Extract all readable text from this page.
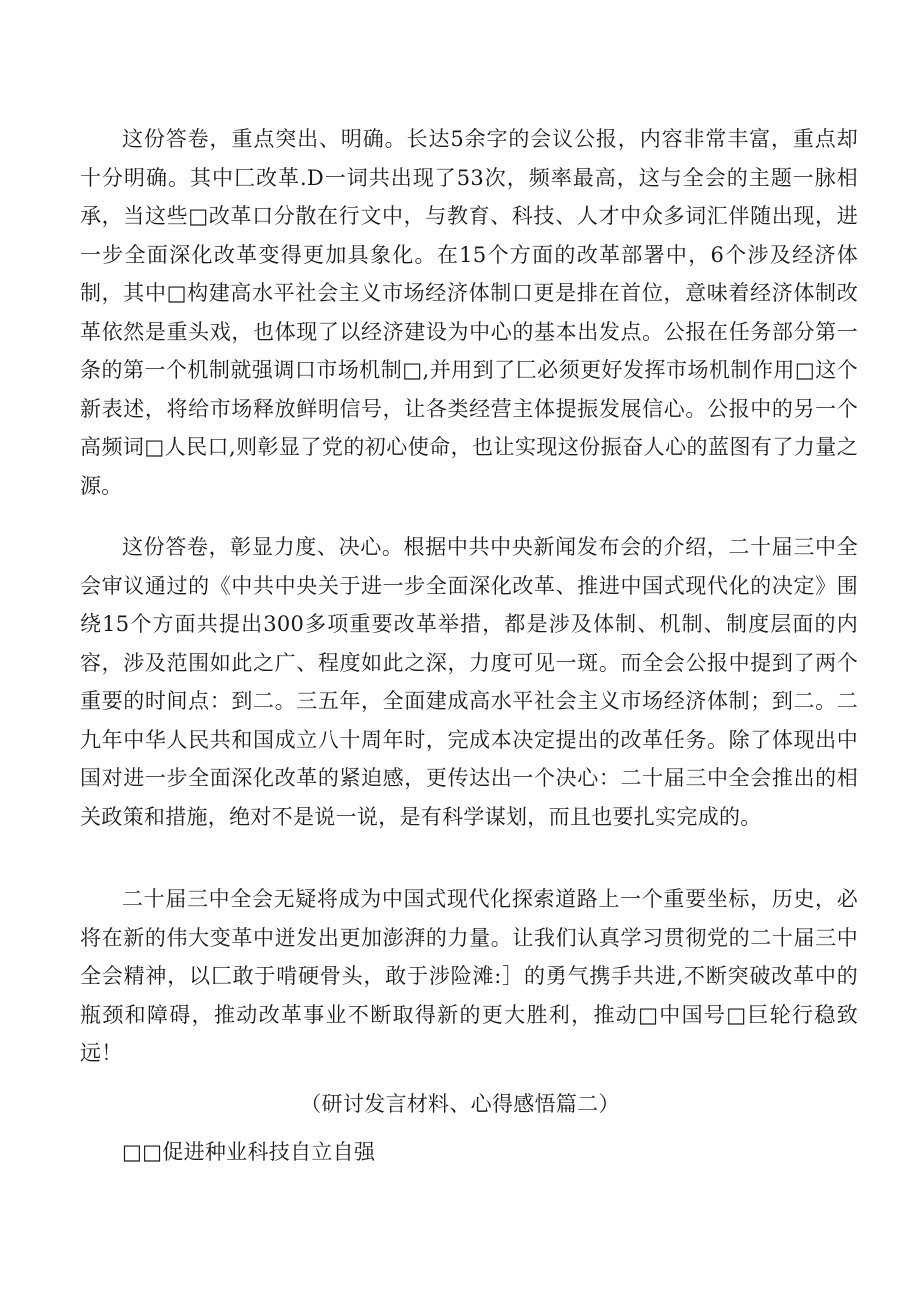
这份答卷，重点突出、明确。长达5余字的会议公报，内容非常丰富，重点却十分明确。其中匚改革.D一词共出现了53次，频率最高，这与全会的主题一脉相承，当这些□改革口分散在行文中，与教育、科技、人才中众多词汇伴随出现，进一步全面深化改革变得更加具象化。在15个方面的改革部署中，6个涉及经济体制，其中□构建高水平社会主义市场经济体制口更是排在首位，意味着经济体制改革依然是重头戏，也体现了以经济建设为中心的基本出发点。公报在任务部分第一条的第一个机制就强调口市场机制□,并用到了匚必须更好发挥市场机制作用□这个新表述，将给市场释放鲜明信号，让各类经营主体提振发展信心。公报中的另一个高频词□人民口,则彰显了党的初心使命，也让实现这份振奋人心的蓝图有了力量之源。

这份答卷，彰显力度、决心。根据中共中央新闻发布会的介绍，二十届三中全会审议通过的《中共中央关于进一步全面深化改革、推进中国式现代化的决定》围绕15个方面共提出300多项重要改革举措，都是涉及体制、机制、制度层面的内容，涉及范围如此之广、程度如此之深，力度可见一斑。而全会公报中提到了两个重要的时间点：到二。三五年，全面建成高水平社会主义市场经济体制；到二。二九年中华人民共和国成立八十周年时，完成本决定提出的改革任务。除了体现出中国对进一步全面深化改革的紧迫感，更传达出一个决心：二十届三中全会推出的相关政策和措施，绝对不是说一说，是有科学谋划，而且也要扎实完成的。

二十届三中全会无疑将成为中国式现代化探索道路上一个重要坐标，历史，必将在新的伟大变革中迸发出更加澎湃的力量。让我们认真学习贯彻党的二十届三中全会精神，以匚敢于啃硬骨头，敢于涉险滩:］的勇气携手共进,不断突破改革中的瓶颈和障碍，推动改革事业不断取得新的更大胜利，推动□中国号□巨轮行稳致远！

（研讨发言材料、心得感悟篇二）

□□促进种业科技自立自强
